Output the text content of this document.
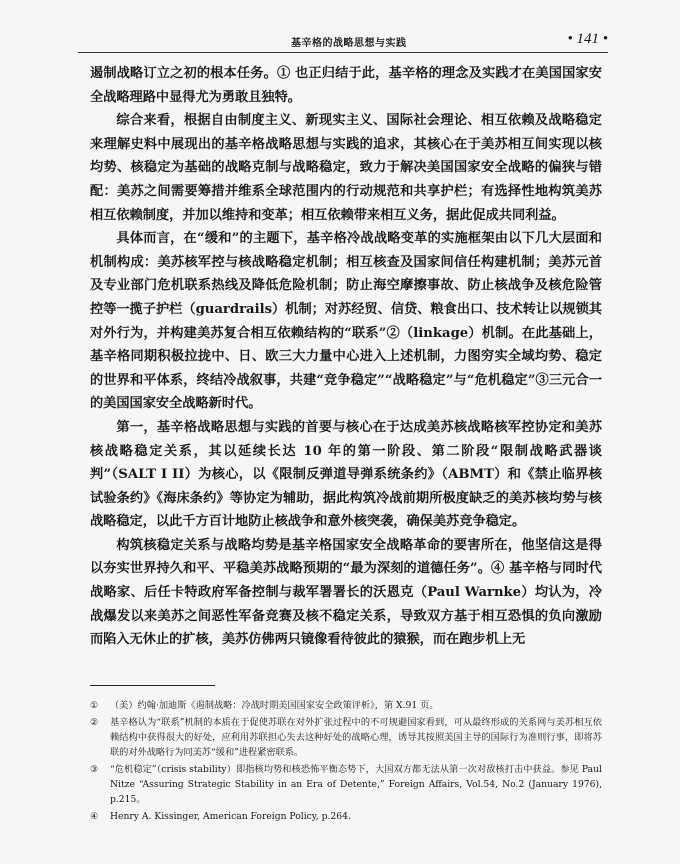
基辛格的战略思想与实践	• 141 •

遏制战略订立之初的根本任务。① 也正归结于此，基辛格的理念及实践才在美国国家安全战略理路中显得尤为勇敢且独特。

综合来看，根据自由制度主义、新现实主义、国际社会理论、相互依赖及战略稳定来理解史料中展现出的基辛格战略思想与实践的追求，其核心在于美苏相互间实现以核均势、核稳定为基础的战略克制与战略稳定，致力于解决美国国家安全战略的偏狭与错配：美苏之间需要筹措并维系全球范围内的行动规范和共享护栏；有选择性地构筑美苏相互依赖制度，并加以维持和变革；相互依赖带来相互义务，据此促成共同利益。

具体而言，在“缓和”的主题下，基辛格冷战战略变革的实施框架由以下几大层面和机制构成：美苏核军控与核战略稳定机制；相互核查及国家间信任构建机制；美苏元首及专业部门危机联系热线及降低危险机制；防止海空摩擦事故、防止核战争及核危险管控等一揽子护栏（guardrails）机制；对苏经贸、信贷、粮食出口、技术转让以规锁其对外行为，并构建美苏复合相互依赖结构的“联系”②（linkage）机制。在此基础上，基辛格同期积极拉拢中、日、欧三大力量中心进入上述机制，力图穷实全域均势、稳定的世界和平体系，终结冷战叙事，共建“竞争稳定”“战略稳定”与“危机稳定”③三元合一的美国国家安全战略新时代。

第一，基辛格战略思想与实践的首要与核心在于达成美苏核战略核军控协定和美苏核战略稳定关系，其以延续长达 10 年的第一阶段、第二阶段“限制战略武器谈判”（SALT I II）为核心，以《限制反弹道导弹系统条约》（ABMT）和《禁止临界核试验条约》《海床条约》等协定为辅助，据此构筑冷战前期所极度缺乏的美苏核均势与核战略稳定，以此千方百计地防止核战争和意外核突袭，确保美苏竞争稳定。

构筑核稳定关系与战略均势是基辛格国家安全战略革命的要害所在，他坚信这是得以夯实世界持久和平、平稳美苏战略预期的“最为深刻的道德任务”。④ 基辛格与同时代战略家、后任卡特政府军备控制与裁军署署长的沃恩克（Paul Warnke）均认为，冷战爆发以来美苏之间恶性军备竞赛及核不稳定关系，导致双方基于相互恐惧的负向激励而陷入无休止的扩核，美苏仿佛两只镜像看待彼此的猿猴，而在跑步机上无

① （美）约翰·加迪斯《遏制战略：冷战时期美国国家安全政策评析》，第 X.91 页。

② 基辛格认为“联系”机制的本质在于促使苏联在对外扩张过程中的不可规避国家看到，可从最终形成的关系网与美苏相互依赖结构中获得很大的好处，应利用苏联担心失去这种好处的战略心理，诱导其按照美国主导的国际行为准则行事，即将苏联的对外战略行为同美苏“缓和”进程紧密联系。

③ “危机稳定”（crisis stability）即指核均势和核恐怖平衡态势下，大国双方都无法从第一次对敌核打击中获益。参见 Paul Nitze “Assuring Strategic Stability in an Era of Detente,” Foreign Affairs, Vol.54, No.2 (January 1976), p.215。

④ Henry A. Kissinger, American Foreign Policy, p.264.
